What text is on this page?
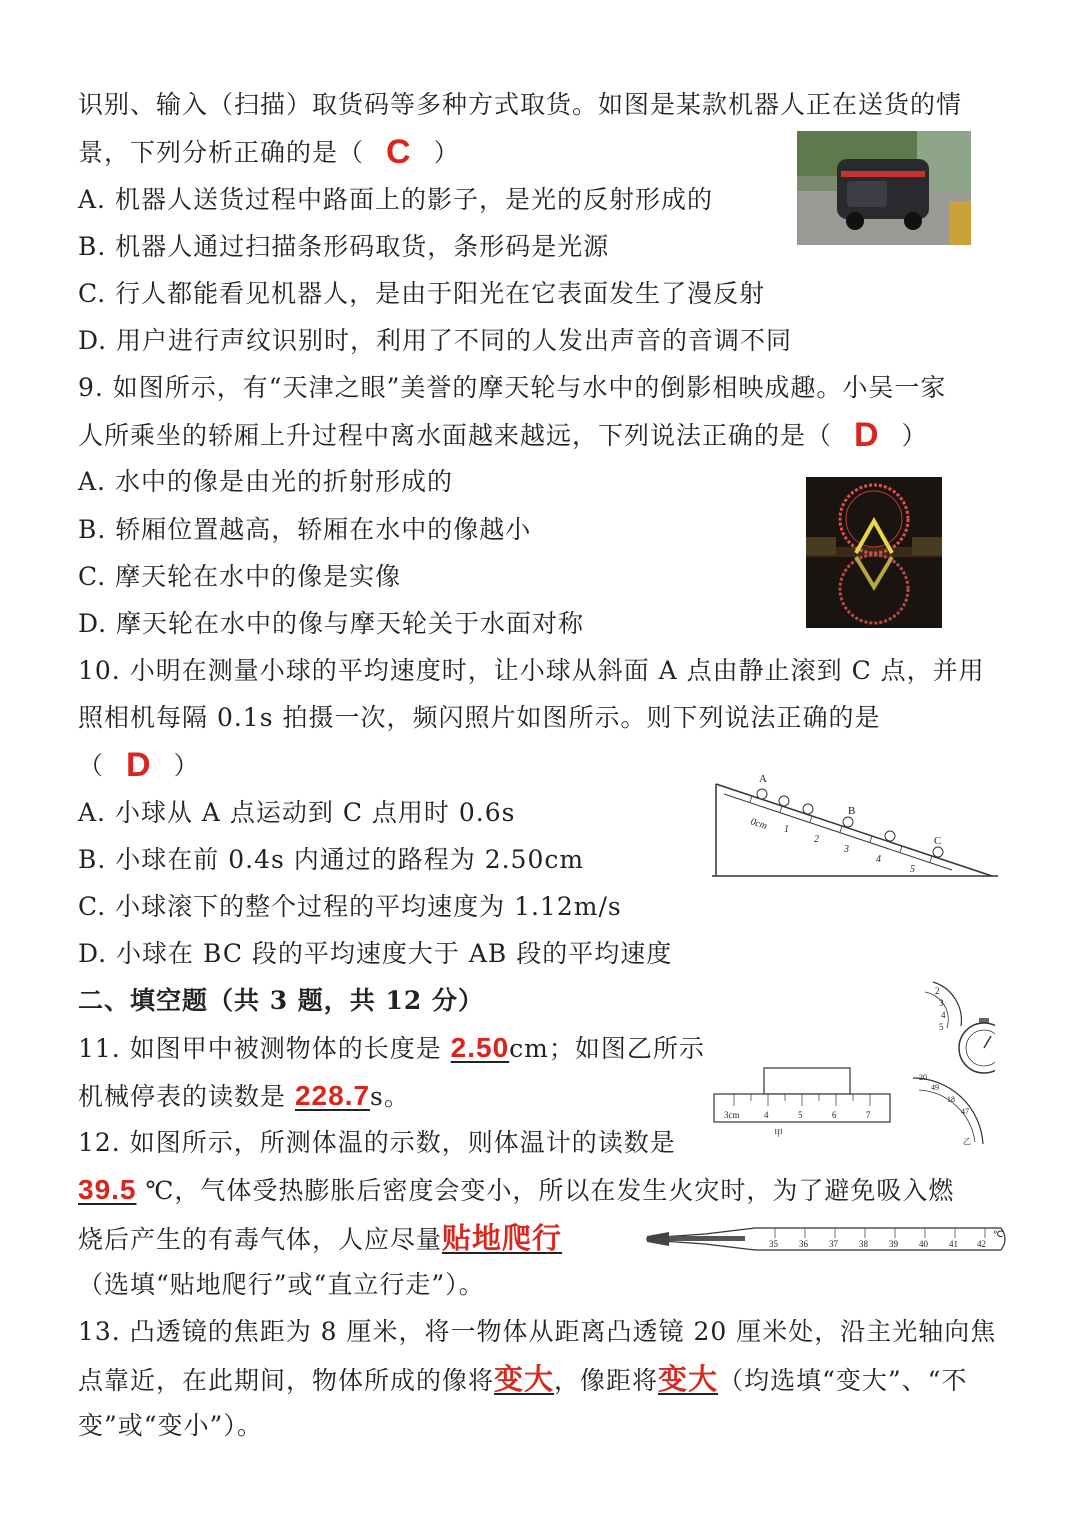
识别、输入（扫描）取货码等多种方式取货。如图是某款机器人正在送货的情
景，下列分析正确的是（ C ）
A. 机器人送货过程中路面上的影子，是光的反射形成的
B. 机器人通过扫描条形码取货，条形码是光源
C. 行人都能看见机器人，是由于阳光在它表面发生了漫反射
D. 用户进行声纹识别时，利用了不同的人发出声音的音调不同
9. 如图所示，有“天津之眼”美誉的摩天轮与水中的倒影相映成趣。小吴一家
人所乘坐的轿厢上升过程中离水面越来越远，下列说法正确的是（ D ）
A. 水中的像是由光的折射形成的
B. 轿厢位置越高，轿厢在水中的像越小
C. 摩天轮在水中的像是实像
D. 摩天轮在水中的像与摩天轮关于水面对称
10. 小明在测量小球的平均速度时，让小球从斜面 A 点由静止滚到 C 点，并用
照相机每隔 0.1s 拍摄一次，频闪照片如图所示。则下列说法正确的是
（ D ）
A. 小球从 A 点运动到 C 点用时 0.6s
B. 小球在前 0.4s 内通过的路程为 2.50cm
C. 小球滚下的整个过程的平均速度为 1.12m/s
D. 小球在 BC 段的平均速度大于 AB 段的平均速度
A
B
C
0cm 1
2
3
4
5
二、填空题（共 3 题，共 12 分）
11. 如图甲中被测物体的长度是 2.50cm；如图乙所示
机械停表的读数是 228.7s。
3cm	4	5	6	7
甲
2
3
4
5
20
49
18
47
乙
12. 如图所示，所测体温的示数，则体温计的读数是
39.5 ℃，气体受热膨胀后密度会变小，所以在发生火灾时，为了避免吸入燃
烧后产生的有毒气体，人应尽量贴地爬行
（选填“贴地爬行”或“直立行走”）。
35 36 37 38 39 40 41 42
℃
13. 凸透镜的焦距为 8 厘米，将一物体从距离凸透镜 20 厘米处，沿主光轴向焦
点靠近，在此期间，物体所成的像将变大，像距将变大（均选填“变大”、“不
变”或“变小”）。
